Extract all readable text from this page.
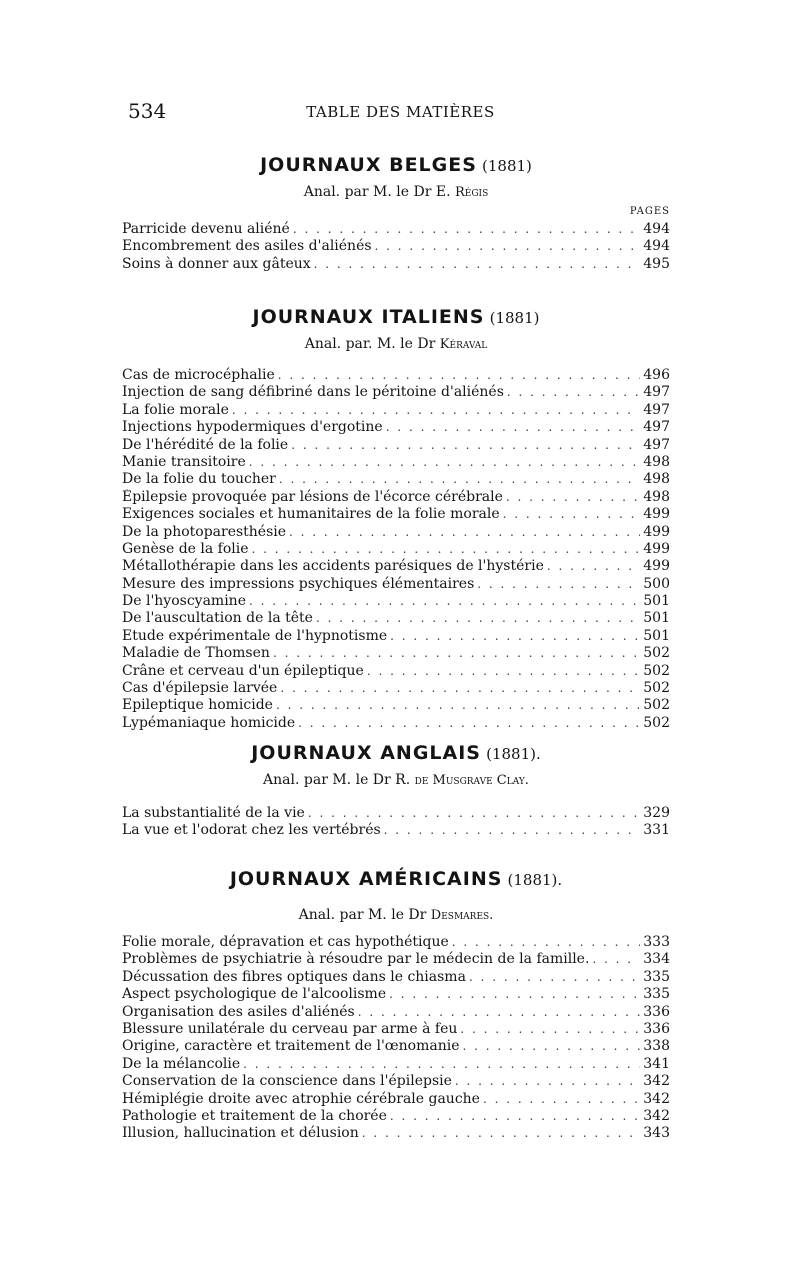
534	TABLE DES MATIÈRES
JOURNAUX BELGES (1881)
Anal. par M. le Dr E. Régis
PAGES
Parricide devenu aliéné . . .	494
Encombrement des asiles d'aliénés . . .	494
Soins à donner aux gâteux . . .	495
JOURNAUX ITALIENS (1881)
Anal. par. M. le Dr Kéraval
Cas de microcéphalie . . .	496
Injection de sang défibriné dans le péritoine d'aliénés . . .	497
La folie morale . . .	497
Injections hypodermiques d'ergotine . . .	497
De l'hérédité de la folie . . .	497
Manie transitoire . . .	498
De la folie du toucher . . .	498
Épilepsie provoquée par lésions de l'écorce cérébrale . . .	498
Exigences sociales et humanitaires de la folie morale . . .	499
De la photoparesthésie . . .	499
Genèse de la folie . . .	499
Métallothérapie dans les accidents parésiques de l'hystérie . . .	499
Mesure des impressions psychiques élémentaires . . .	500
De l'hyoscyamine . . .	501
De l'auscultation de la tête . . .	501
Etude expérimentale de l'hypnotisme . . .	501
Maladie de Thomsen . . .	502
Crâne et cerveau d'un épileptique . . .	502
Cas d'épilepsie larvée . . .	502
Epileptique homicide . . .	502
Lypémaniaque homicide . . .	502
JOURNAUX ANGLAIS (1881).
Anal. par M. le Dr R. de Musgrave Clay.
La substantialité de la vie . . .	329
La vue et l'odorat chez les vertébrés . . .	331
JOURNAUX AMÉRICAINS (1881).
Anal. par M. le Dr Desmares.
Folie morale, dépravation et cas hypothétique . . .	333
Problèmes de psychiatrie à résoudre par le médecin de la famille. . . .	334
Décussation des fibres optiques dans le chiasma . . .	335
Aspect psychologique de l'alcoolisme . . .	335
Organisation des asiles d'aliénés . . .	336
Blessure unilatérale du cerveau par arme à feu . . .	336
Origine, caractère et traitement de l'œnomanie . . .	338
De la mélancolie . . .	341
Conservation de la conscience dans l'épilepsie . . .	342
Hémiplégie droite avec atrophie cérébrale gauche . . .	342
Pathologie et traitement de la chorée . . .	342
Illusion, hallucination et délusion . . .	343
